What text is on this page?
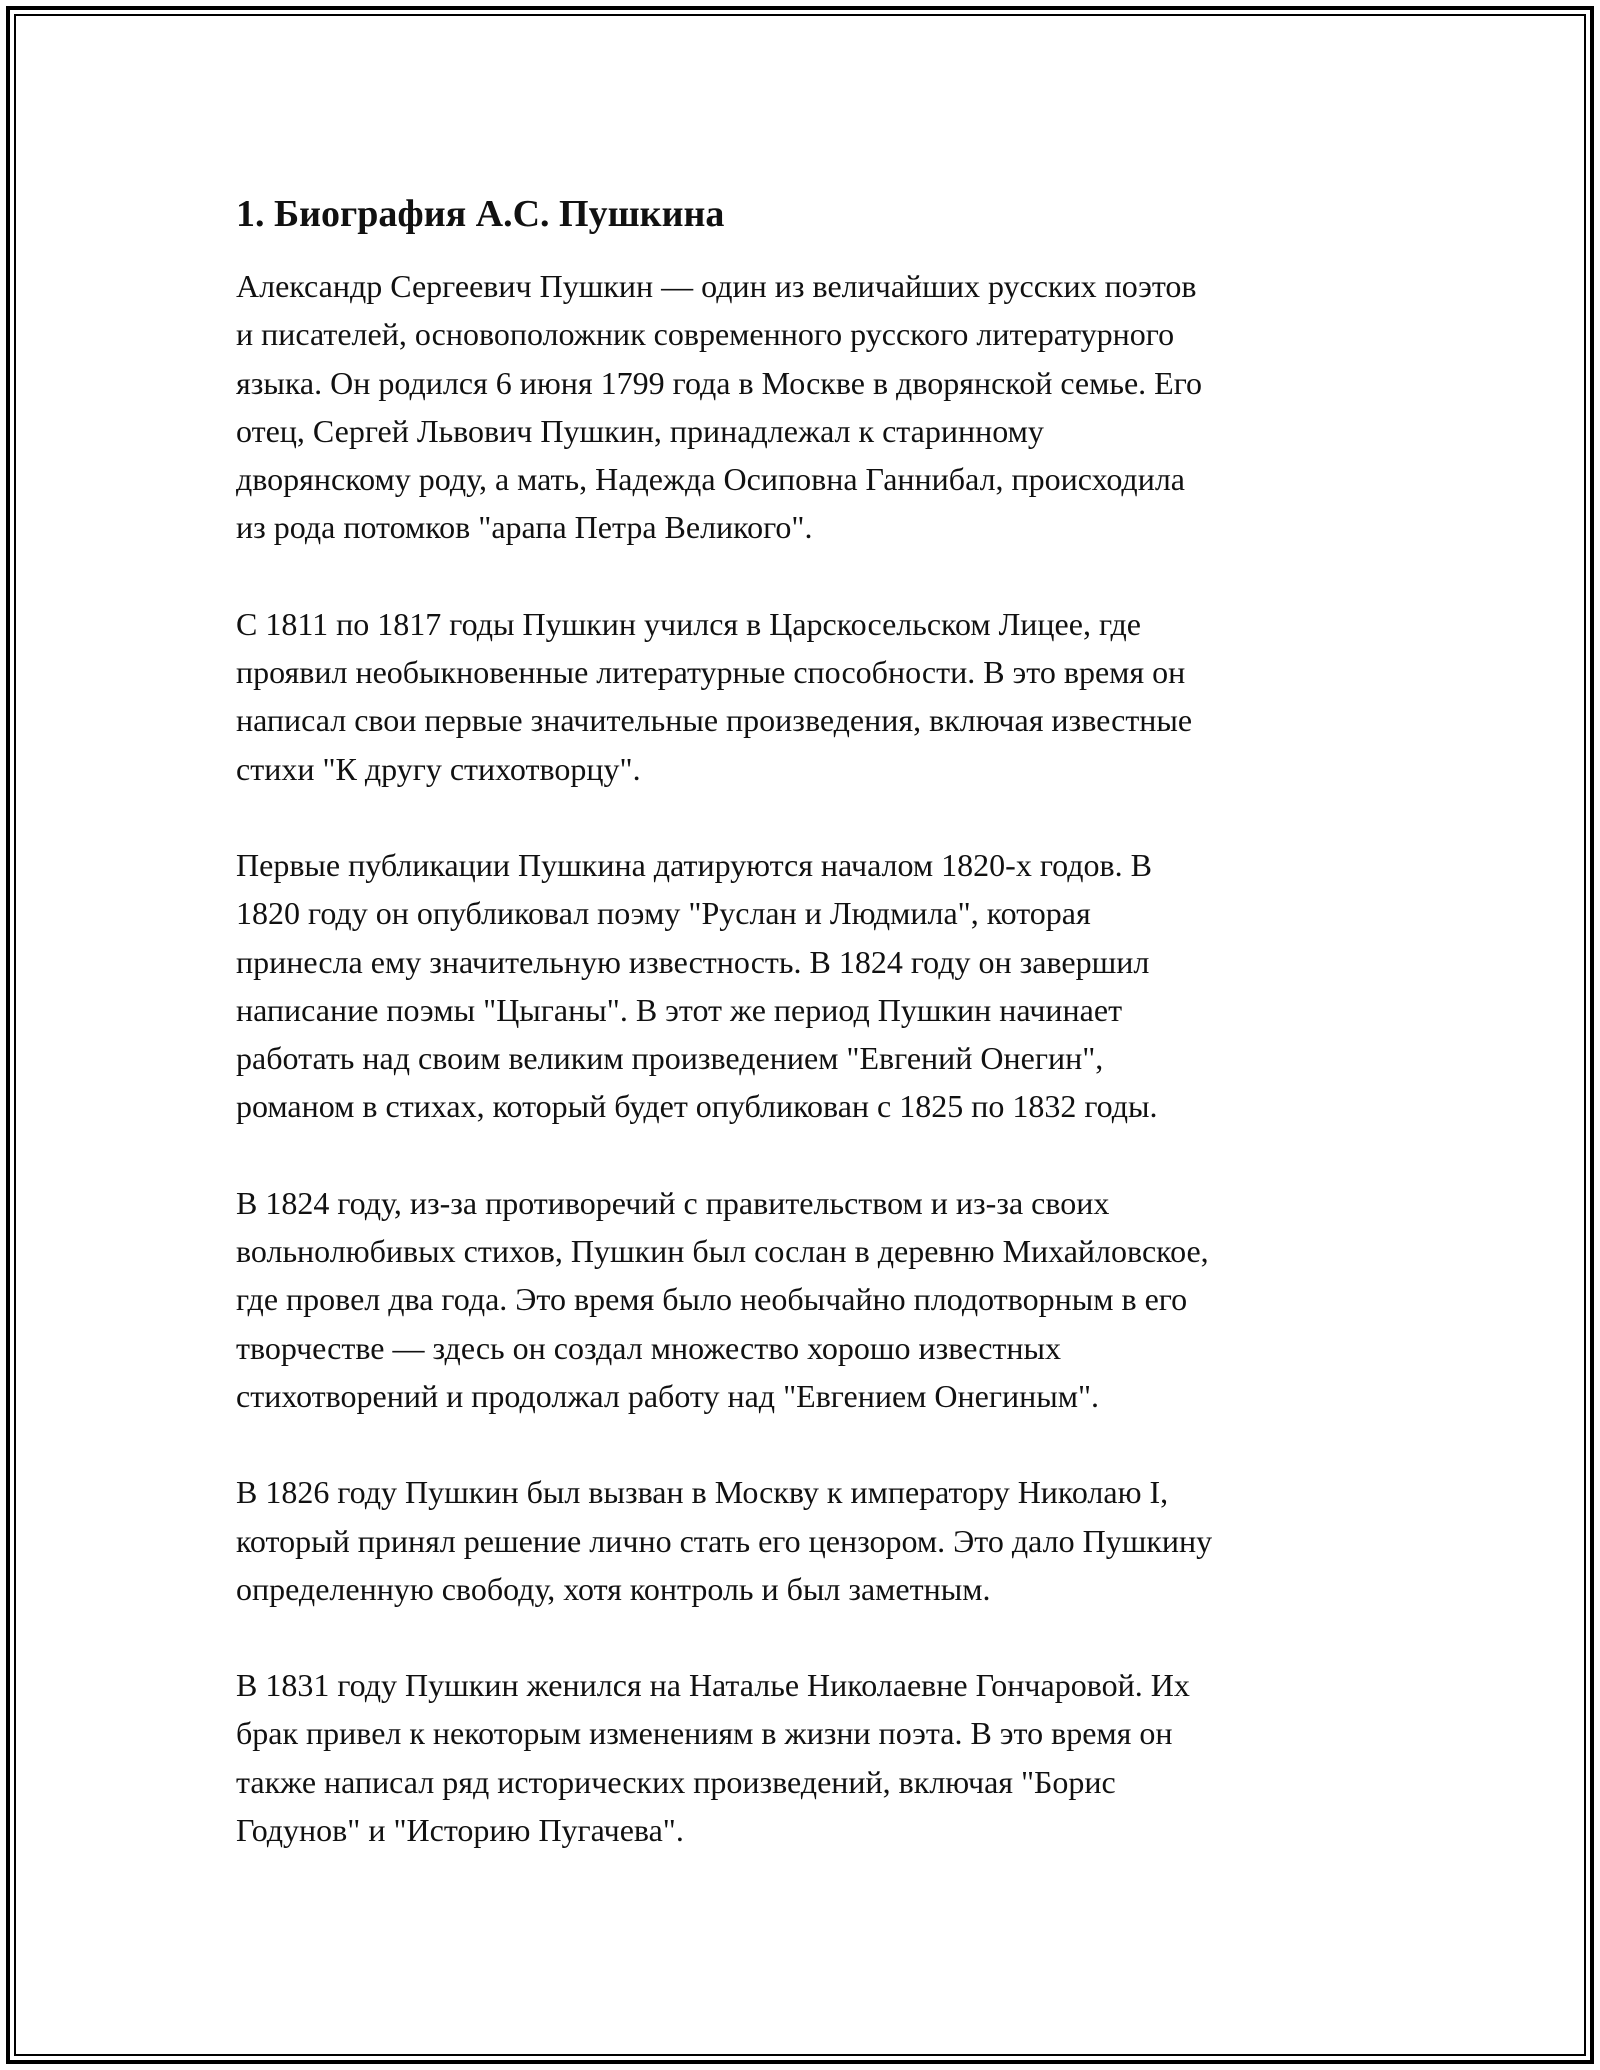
1. Биография А.С. Пушкина
Александр Сергеевич Пушкин — один из величайших русских поэтов
и писателей, основоположник современного русского литературного
языка. Он родился 6 июня 1799 года в Москве в дворянской семье. Его
отец, Сергей Львович Пушкин, принадлежал к старинному
дворянскому роду, а мать, Надежда Осиповна Ганнибал, происходила
из рода потомков "арапа Петра Великого".
С 1811 по 1817 годы Пушкин учился в Царскосельском Лицее, где
проявил необыкновенные литературные способности. В это время он
написал свои первые значительные произведения, включая известные
стихи "К другу стихотворцу".
Первые публикации Пушкина датируются началом 1820-х годов. В
1820 году он опубликовал поэму "Руслан и Людмила", которая
принесла ему значительную известность. В 1824 году он завершил
написание поэмы "Цыганы". В этот же период Пушкин начинает
работать над своим великим произведением "Евгений Онегин",
романом в стихах, который будет опубликован с 1825 по 1832 годы.
В 1824 году, из-за противоречий с правительством и из-за своих
вольнолюбивых стихов, Пушкин был сослан в деревню Михайловское,
где провел два года. Это время было необычайно плодотворным в его
творчестве — здесь он создал множество хорошо известных
стихотворений и продолжал работу над "Евгением Онегиным".
В 1826 году Пушкин был вызван в Москву к императору Николаю I,
который принял решение лично стать его цензором. Это дало Пушкину
определенную свободу, хотя контроль и был заметным.
В 1831 году Пушкин женился на Наталье Николаевне Гончаровой. Их
брак привел к некоторым изменениям в жизни поэта. В это время он
также написал ряд исторических произведений, включая "Борис
Годунов" и "Историю Пугачева".
